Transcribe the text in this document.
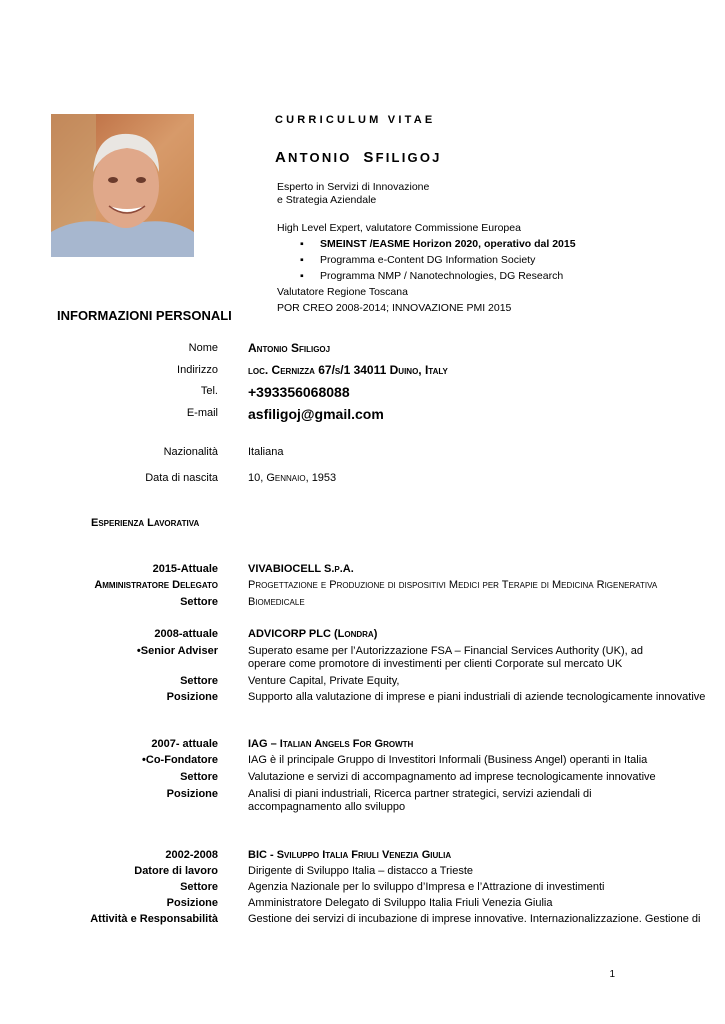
CURRICULUM VITAE
ANTONIO SFILIGOJ
Esperto in Servizi di Innovazione
e Strategia Aziendale
High Level Expert, valutatore Commissione Europea
▪ SMEINST /EASME Horizon 2020, operativo dal 2015
▪ Programma e-Content DG Information Society
▪ Programma NMP / Nanotechnologies, DG Research
Valutatore Regione Toscana
POR CREO 2008-2014; INNOVAZIONE PMI 2015
INFORMAZIONI PERSONALI
Nome	Antonio Sfiligoj
Indirizzo	loc. Cernizza 67/s/1 34011 Duino, Italy
Tel. +393356068088
E-mail asfiligoj@gmail.com
Nazionalità	Italiana
Data di nascita	10, Gennaio, 1953
Esperienza Lavorativa
2015-Attuale	VIVABIOCELL S.p.A.
Amministratore Delegato	Progettazione e Produzione di dispositivi Medici per Terapie di Medicina Rigenerativa
Settore	Biomedicale
2008-attuale	ADVICORP PLC (Londra)
•Senior Adviser	Superato esame per l’Autorizzazione FSA – Financial Services Authority (UK), ad operare come promotore di investimenti per clienti Corporate sul mercato UK
Settore	Venture Capital, Private Equity,
Posizione	Supporto alla valutazione di imprese e piani industriali di aziende tecnologicamente innovative
2007- attuale	IAG – Italian Angels For Growth
•Co-Fondatore	IAG è il principale Gruppo di Investitori Informali (Business Angel) operanti in Italia
Settore	Valutazione e servizi di accompagnamento ad imprese tecnologicamente innovative
Posizione	Analisi di piani industriali, Ricerca partner strategici, servizi aziendali di accompagnamento allo sviluppo
2002-2008	BIC - Sviluppo Italia Friuli Venezia Giulia
Datore di lavoro	Dirigente di Sviluppo Italia – distacco a Trieste
Settore	Agenzia Nazionale per lo sviluppo d’Impresa e l’Attrazione di investimenti
Posizione	Amministratore Delegato di Sviluppo Italia Friuli Venezia Giulia
Attività e Responsabilità	Gestione dei servizi di incubazione di imprese innovative. Internazionalizzazione. Gestione di
1
